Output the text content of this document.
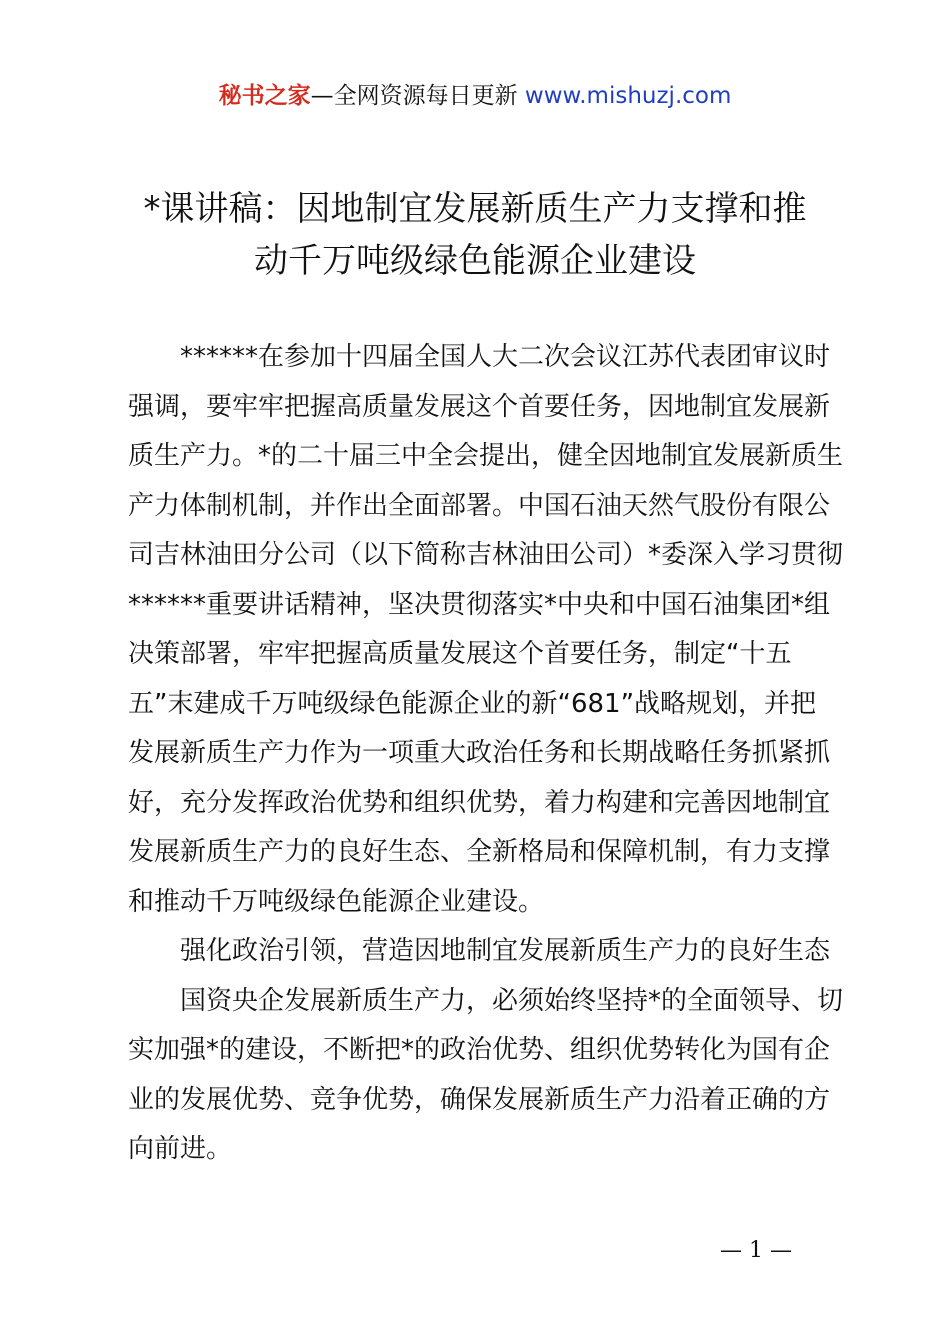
秘书之家—全网资源每日更新 www.mishuzj.com
*课讲稿：因地制宜发展新质生产力支撑和推
动千万吨级绿色能源企业建设
******在参加十四届全国人大二次会议江苏代表团审议时
强调，要牢牢把握高质量发展这个首要任务，因地制宜发展新
质生产力。*的二十届三中全会提出，健全因地制宜发展新质生
产力体制机制，并作出全面部署。中国石油天然气股份有限公
司吉林油田分公司（以下简称吉林油田公司）*委深入学习贯彻
******重要讲话精神，坚决贯彻落实*中央和中国石油集团*组
决策部署，牢牢把握高质量发展这个首要任务，制定“十五
五”末建成千万吨级绿色能源企业的新“681”战略规划，并把
发展新质生产力作为一项重大政治任务和长期战略任务抓紧抓
好，充分发挥政治优势和组织优势，着力构建和完善因地制宜
发展新质生产力的良好生态、全新格局和保障机制，有力支撑
和推动千万吨级绿色能源企业建设。
强化政治引领，营造因地制宜发展新质生产力的良好生态
国资央企发展新质生产力，必须始终坚持*的全面领导、切
实加强*的建设，不断把*的政治优势、组织优势转化为国有企
业的发展优势、竞争优势，确保发展新质生产力沿着正确的方
向前进。
— 1 —
